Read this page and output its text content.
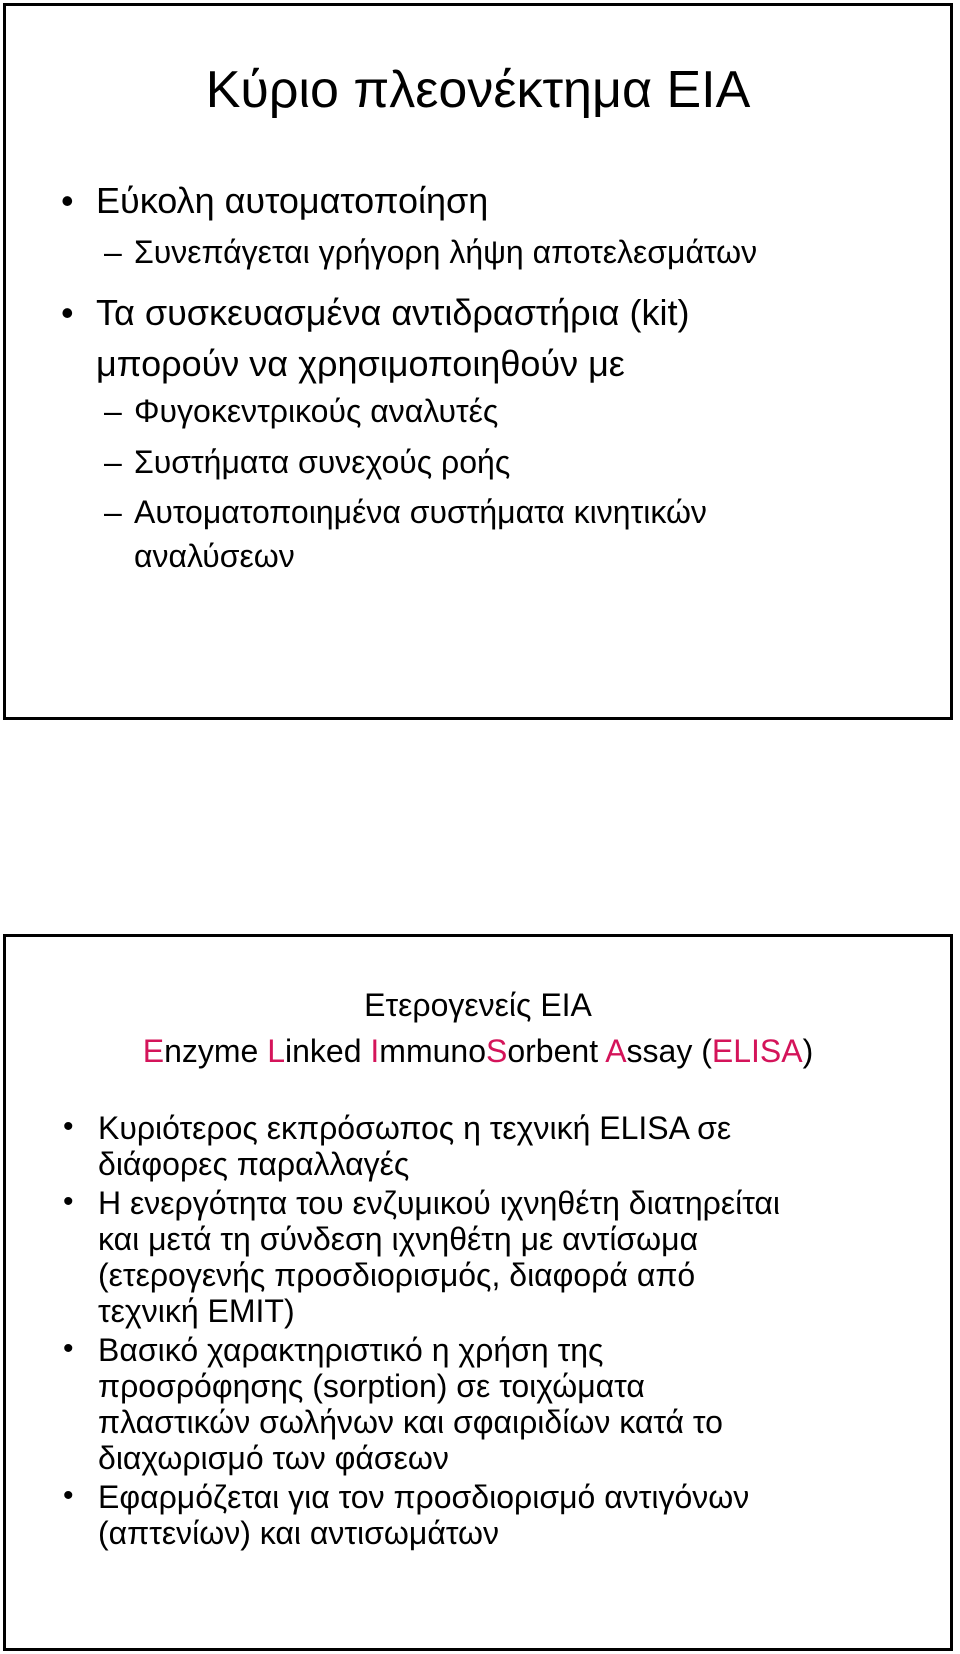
Κύριο πλεονέκτημα ΕΙΑ
• Εύκολη αυτοματοποίηση
– Συνεπάγεται γρήγορη λήψη αποτελεσμάτων
• Τα συσκευασμένα αντιδραστήρια (kit)
μπορούν να χρησιμοποιηθούν με
– Φυγοκεντρικούς αναλυτές
– Συστήματα συνεχούς ροής
– Αυτοματοποιημένα συστήματα κινητικών
αναλύσεων
Ετερογενείς ΕΙΑ
Enzyme Linked ImmunoSorbent Assay (ELISA)
• Κυριότερος εκπρόσωπος η τεχνική ELISA σε
διάφορες παραλλαγές
• Η ενεργότητα του ενζυμικού ιχνηθέτη διατηρείται
και μετά τη σύνδεση ιχνηθέτη με αντίσωμα
(ετερογενής προσδιορισμός, διαφορά από
τεχνική EMIT)
• Βασικό χαρακτηριστικό η χρήση της
προσρόφησης (sorption) σε τοιχώματα
πλαστικών σωλήνων και σφαιριδίων κατά το
διαχωρισμό των φάσεων
• Εφαρμόζεται για τον προσδιορισμό αντιγόνων
(απτενίων) και αντισωμάτων
